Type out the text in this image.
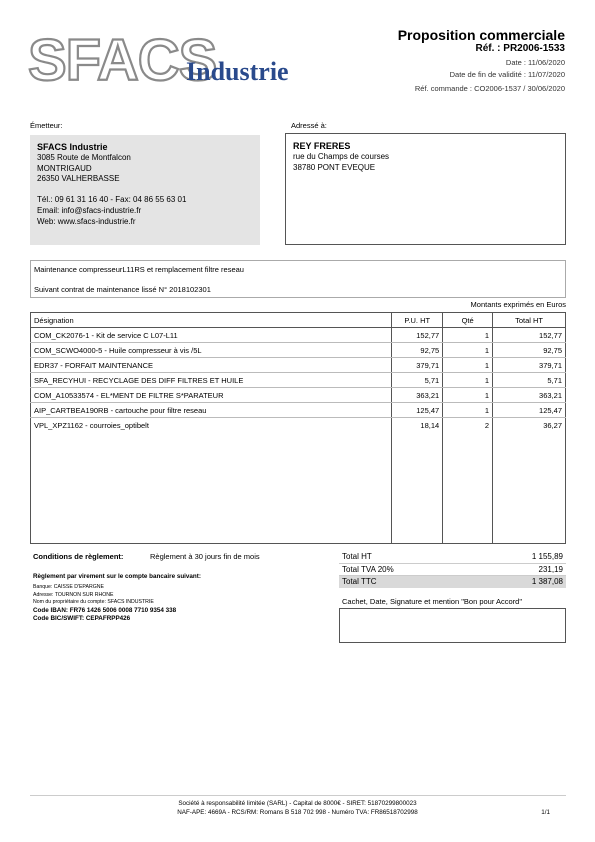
SFACS
Industrie
Proposition commerciale
Réf. : PR2006-1533
Date : 11/06/2020
Date de fin de validité : 11/07/2020
Réf. commande : CO2006-1537 / 30/06/2020
Émetteur:
SFACS Industrie
3085 Route de Montfalcon
MONTRIGAUD
26350 VALHERBASSE
Tél.: 09 61 31 16 40 - Fax: 04 86 55 63 01
Email: info@sfacs-industrie.fr
Web: www.sfacs-industrie.fr
Adressé à:
REY FRERES
rue du Champs de courses
38780 PONT EVEQUE
Maintenance compresseurL11RS et remplacement filtre reseau
Suivant contrat de maintenance lissé N° 2018102301
Montants exprimés en Euros
Désignation	P.U. HT	Qté	Total HT
COM_CK2076-1 - Kit de service C L07-L11	152,77	1	152,77
COM_SCWO4000-5 - Huile compresseur à vis /5L	92,75	1	92,75
EDR37 - FORFAIT MAINTENANCE	379,71	1	379,71
SFA_RECYHUI - RECYCLAGE DES DIFF FILTRES ET HUILE	5,71	1	5,71
COM_A10533574 - EL*MENT DE FILTRE S*PARATEUR	363,21	1	363,21
AIP_CARTBEA190RB - cartouche pour filtre reseau	125,47	1	125,47
VPL_XPZ1162 - courroies_optibelt	18,14	2	36,27

Conditions de règlement:	Règlement à 30 jours fin de mois
Règlement par virement sur le compte bancaire suivant:
Banque: CAISSE D'EPARGNE
Adresse: TOURNON SUR RHONE
Nom du propriétaire du compte: SFACS INDUSTRIE
Code IBAN: FR76 1426 5006 0008 7710 9354 338
Code BIC/SWIFT: CEPAFRPP426
Total HT	1 155,89
Total TVA 20%	231,19
Total TTC	1 387,08
Cachet, Date, Signature et mention "Bon pour Accord"
Société à responsabilité limitée (SARL) - Capital de 8000€ - SIRET: 51870299800023
NAF-APE: 4669A - RCS/RM: Romans B 518 702 998 - Numéro TVA: FR86518702998	1/1
